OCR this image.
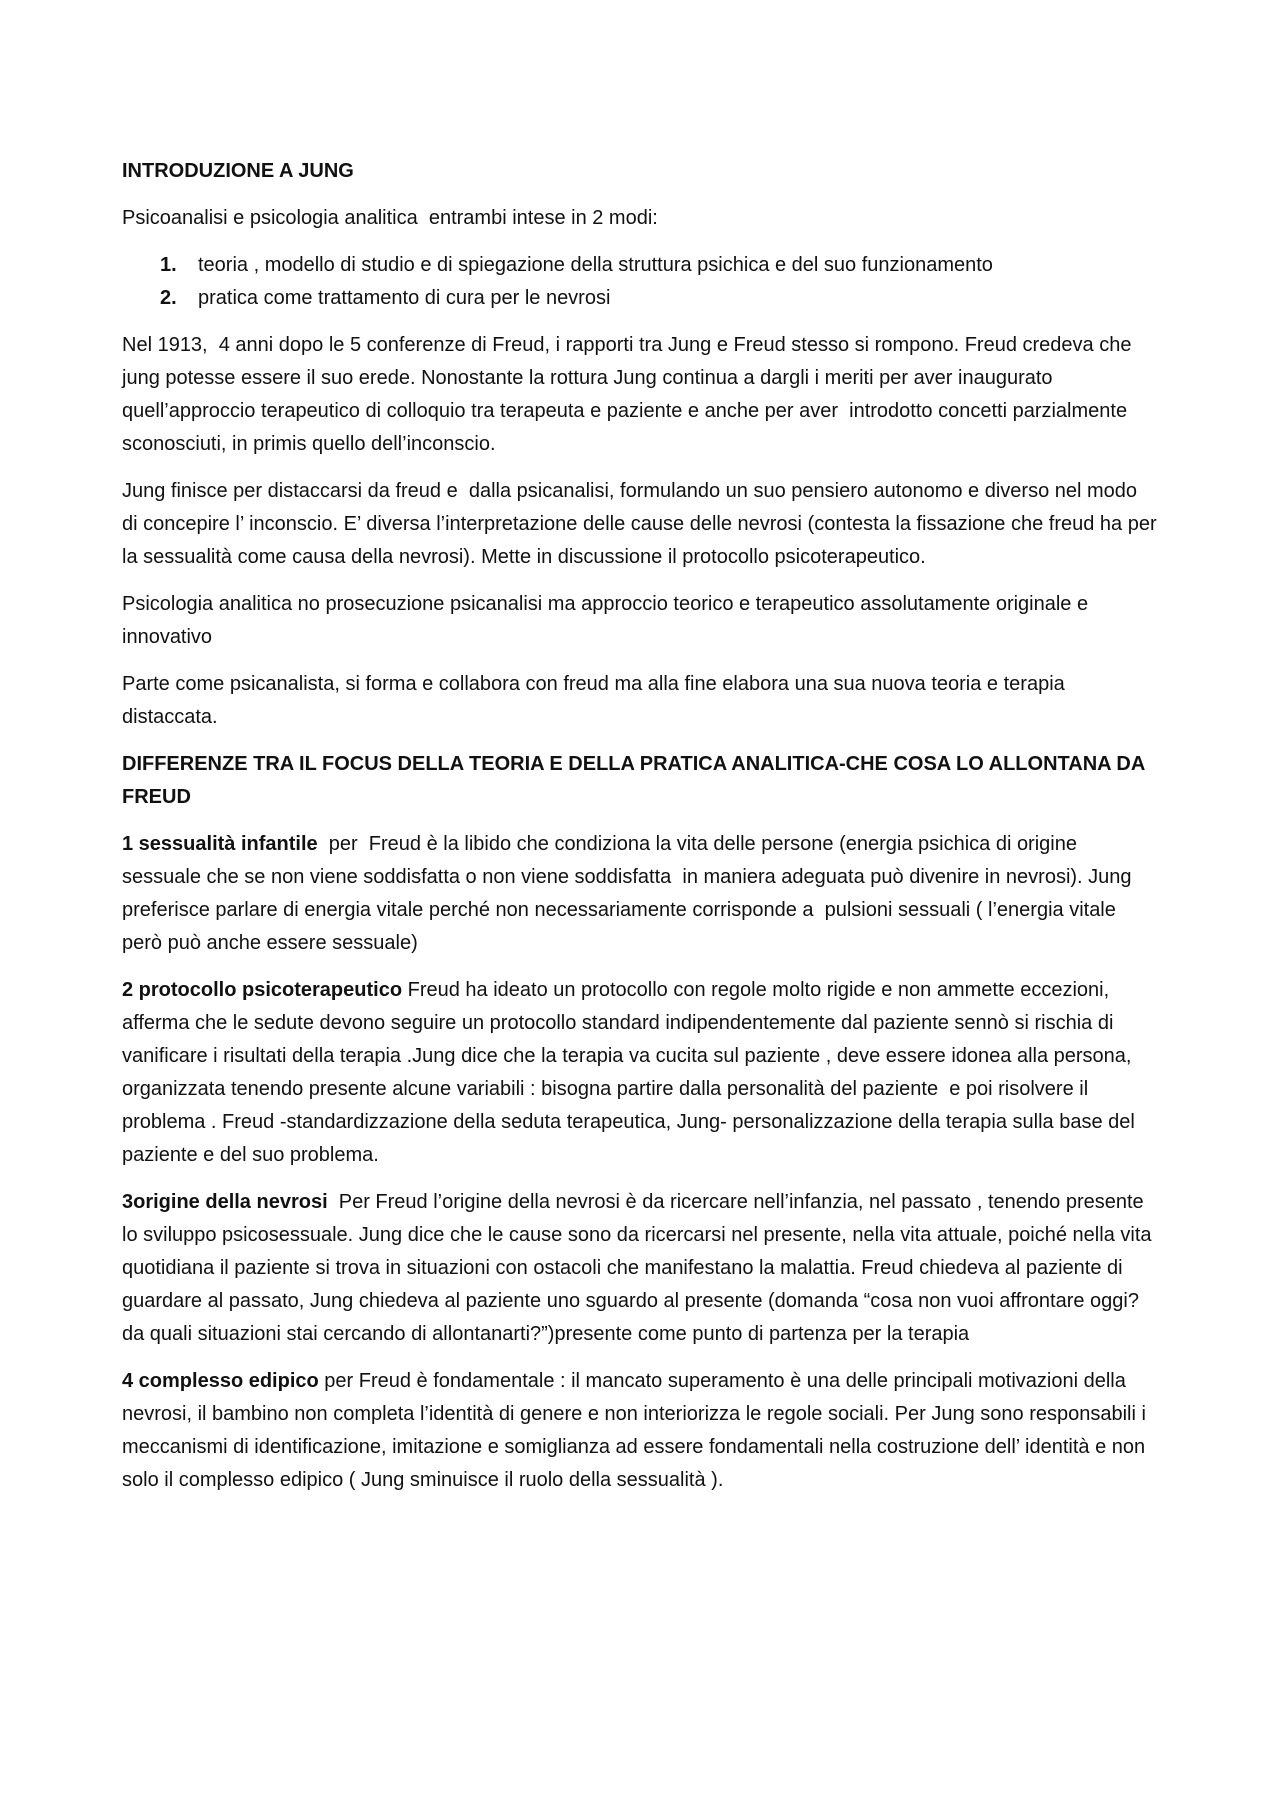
INTRODUZIONE A JUNG

Psicoanalisi e psicologia analitica  entrambi intese in 2 modi:

1.	teoria , modello di studio e di spiegazione della struttura psichica e del suo funzionamento
2.	pratica come trattamento di cura per le nevrosi

Nel 1913,  4 anni dopo le 5 conferenze di Freud, i rapporti tra Jung e Freud stesso si rompono. Freud credeva che jung potesse essere il suo erede. Nonostante la rottura Jung continua a dargli i meriti per aver inaugurato quell’approccio terapeutico di colloquio tra terapeuta e paziente e anche per aver  introdotto concetti parzialmente sconosciuti, in primis quello dell’inconscio.

Jung finisce per distaccarsi da freud e  dalla psicanalisi, formulando un suo pensiero autonomo e diverso nel modo di concepire l’ inconscio. E’ diversa l’interpretazione delle cause delle nevrosi (contesta la fissazione che freud ha per la sessualità come causa della nevrosi). Mette in discussione il protocollo psicoterapeutico.

Psicologia analitica no prosecuzione psicanalisi ma approccio teorico e terapeutico assolutamente originale e innovativo

Parte come psicanalista, si forma e collabora con freud ma alla fine elabora una sua nuova teoria e terapia distaccata.

DIFFERENZE TRA IL FOCUS DELLA TEORIA E DELLA PRATICA ANALITICA-CHE COSA LO ALLONTANA DA FREUD

1 sessualità infantile  per  Freud è la libido che condiziona la vita delle persone (energia psichica di origine sessuale che se non viene soddisfatta o non viene soddisfatta  in maniera adeguata può divenire in nevrosi). Jung preferisce parlare di energia vitale perché non necessariamente corrisponde a  pulsioni sessuali ( l’energia vitale però può anche essere sessuale)

2 protocollo psicoterapeutico Freud ha ideato un protocollo con regole molto rigide e non ammette eccezioni, afferma che le sedute devono seguire un protocollo standard indipendentemente dal paziente sennò si rischia di vanificare i risultati della terapia .Jung dice che la terapia va cucita sul paziente , deve essere idonea alla persona, organizzata tenendo presente alcune variabili : bisogna partire dalla personalità del paziente  e poi risolvere il problema . Freud -standardizzazione della seduta terapeutica, Jung- personalizzazione della terapia sulla base del paziente e del suo problema.

3origine della nevrosi  Per Freud l’origine della nevrosi è da ricercare nell’infanzia, nel passato , tenendo presente lo sviluppo psicosessuale. Jung dice che le cause sono da ricercarsi nel presente, nella vita attuale, poiché nella vita quotidiana il paziente si trova in situazioni con ostacoli che manifestano la malattia. Freud chiedeva al paziente di guardare al passato, Jung chiedeva al paziente uno sguardo al presente (domanda “cosa non vuoi affrontare oggi?da quali situazioni stai cercando di allontanarti?”)presente come punto di partenza per la terapia

4 complesso edipico per Freud è fondamentale : il mancato superamento è una delle principali motivazioni della nevrosi, il bambino non completa l’identità di genere e non interiorizza le regole sociali. Per Jung sono responsabili i meccanismi di identificazione, imitazione e somiglianza ad essere fondamentali nella costruzione dell’ identità e non solo il complesso edipico ( Jung sminuisce il ruolo della sessualità ).
